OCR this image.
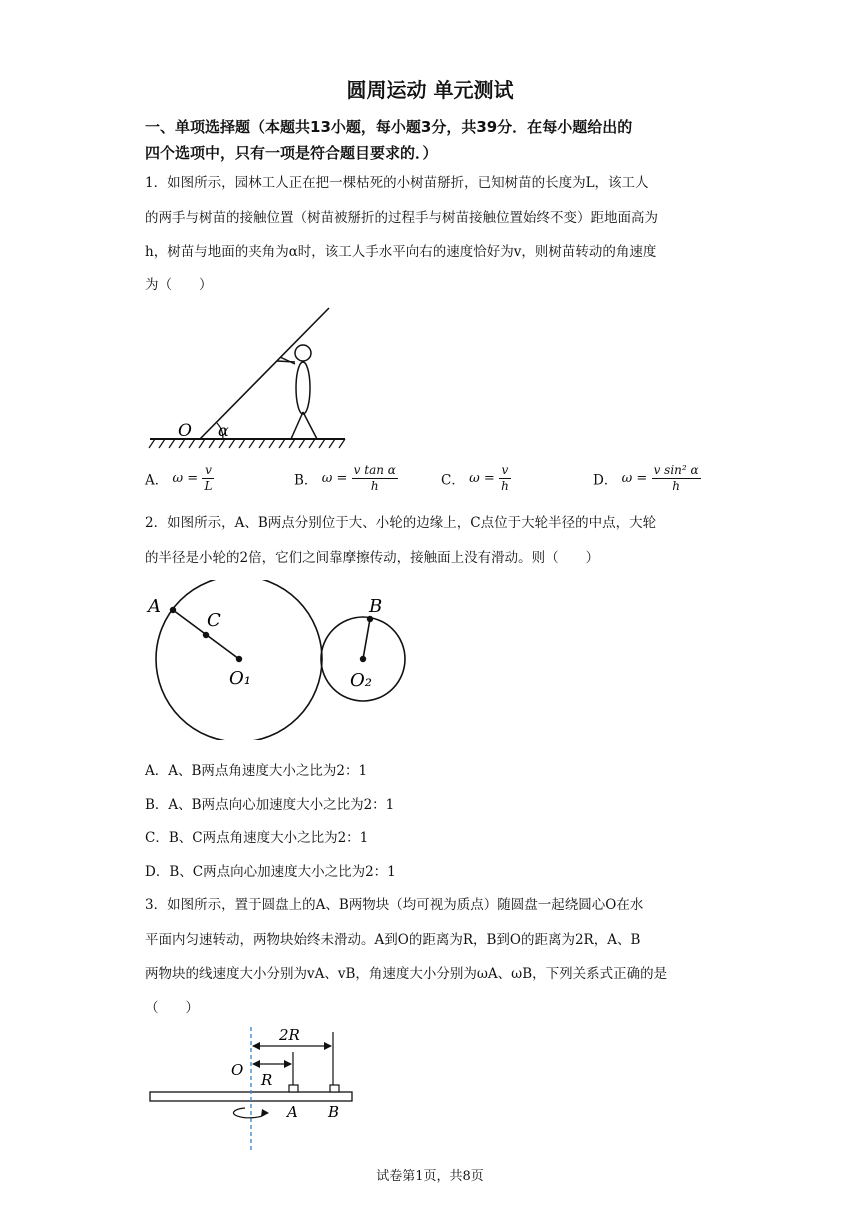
圆周运动 单元测试
一、单项选择题（本题共13小题，每小题3分，共39分．在每小题给出的
四个选项中，只有一项是符合题目要求的．）
1．如图所示，园林工人正在把一棵枯死的小树苗掰折，已知树苗的长度为L，该工人
的两手与树苗的接触位置（树苗被掰折的过程手与树苗接触位置始终不变）距地面高为
h，树苗与地面的夹角为α时，该工人手水平向右的速度恰好为v，则树苗转动的角速度
为（　　）
O α
A． $\omega = \frac{v}{L}$	B． $\omega = \frac{\text{v tan α}}{h}$	C． $\omega = \frac{v}{h}$	D． $\omega = \frac{\text{v sin² α}}{h}$
2．如图所示，A、B两点分别位于大、小轮的边缘上，C点位于大轮半径的中点，大轮
的半径是小轮的2倍，它们之间靠摩擦传动，接触面上没有滑动。则（　　）
A
C
O₁
B
O₂
A．A、B两点角速度大小之比为2：1
B．A、B两点向心加速度大小之比为2：1
C．B、C两点角速度大小之比为2：1
D．B、C两点向心加速度大小之比为2：1
3．如图所示，置于圆盘上的A、B两物块（均可视为质点）随圆盘一起绕圆心O在水
平面内匀速转动，两物块始终未滑动。A到O的距离为R，B到O的距离为2R，A、B
两物块的线速度大小分别为vA、vB，角速度大小分别为ωA、ωB，下列关系式正确的是
（　　）
2R
O
R
A B
试卷第1页，共8页
